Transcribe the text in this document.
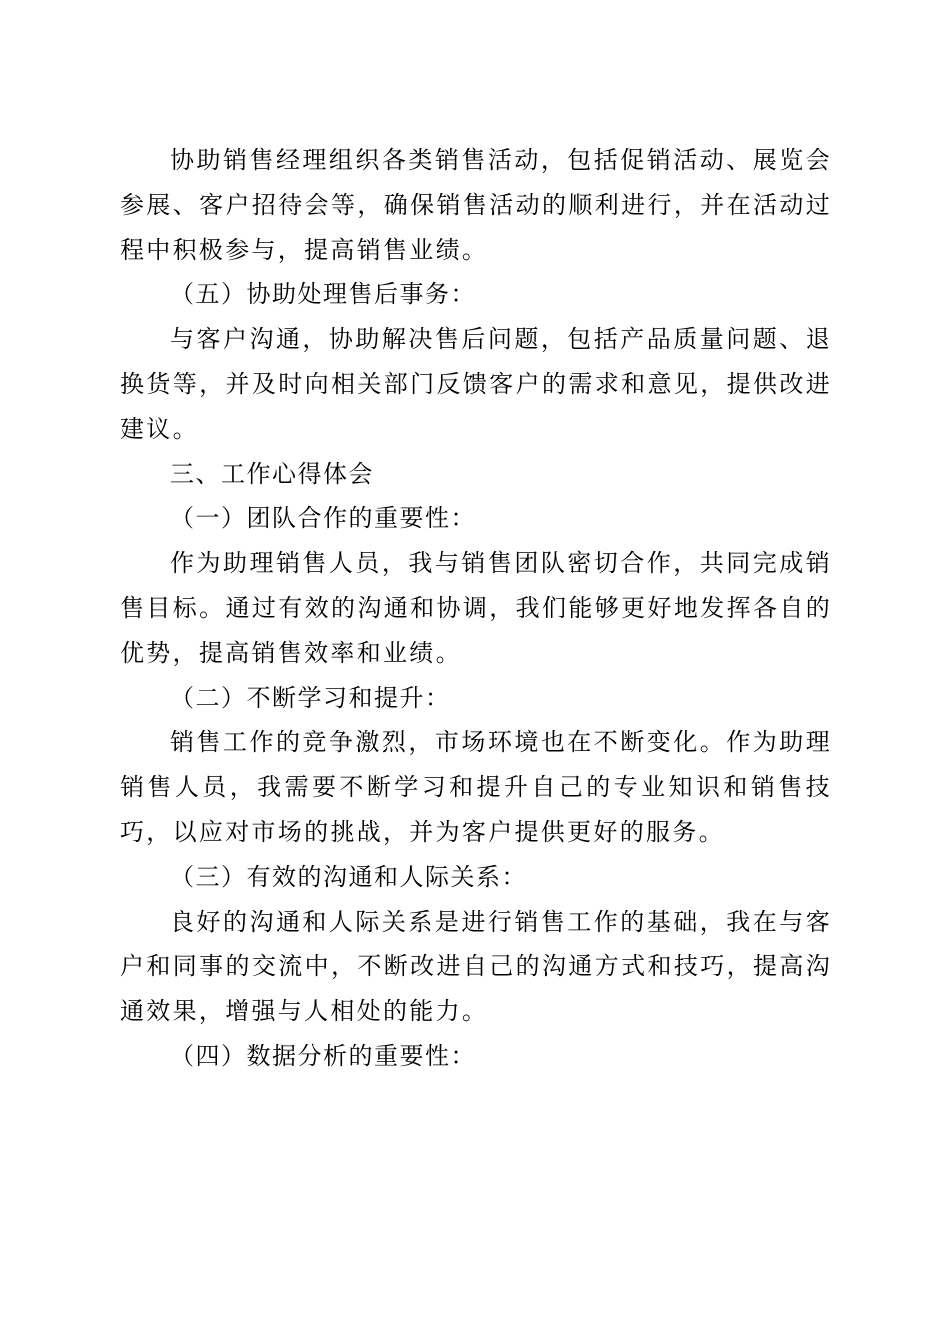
协助销售经理组织各类销售活动，包括促销活动、展览会参展、客户招待会等，确保销售活动的顺利进行，并在活动过程中积极参与，提高销售业绩。

（五）协助处理售后事务：

与客户沟通，协助解决售后问题，包括产品质量问题、退换货等，并及时向相关部门反馈客户的需求和意见，提供改进建议。

三、工作心得体会

（一）团队合作的重要性：

作为助理销售人员，我与销售团队密切合作，共同完成销售目标。通过有效的沟通和协调，我们能够更好地发挥各自的优势，提高销售效率和业绩。

（二）不断学习和提升：

销售工作的竞争激烈，市场环境也在不断变化。作为助理销售人员，我需要不断学习和提升自己的专业知识和销售技巧，以应对市场的挑战，并为客户提供更好的服务。

（三）有效的沟通和人际关系：

良好的沟通和人际关系是进行销售工作的基础，我在与客户和同事的交流中，不断改进自己的沟通方式和技巧，提高沟通效果，增强与人相处的能力。

（四）数据分析的重要性：
